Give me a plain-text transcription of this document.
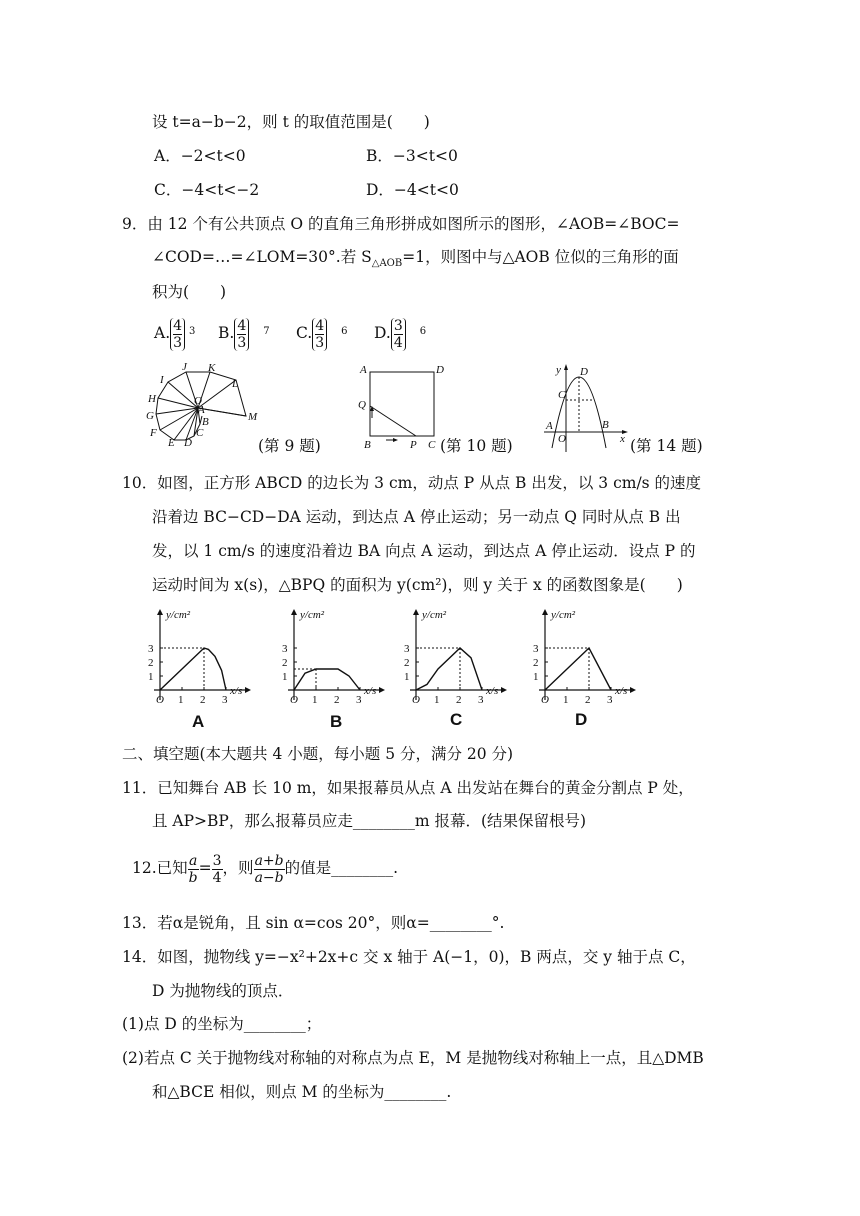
设 t=a−b−2，则 t 的取值范围是(　　)
A．−2<t<0	B．−3<t<0
C．−4<t<−2	D．−4<t<0
9．由 12 个有公共顶点 O 的直角三角形拼成如图所示的图形，∠AOB=∠BOC=
∠COD=…=∠LOM=30°.若 $S_{\triangle AOB}=1$，则图中与△AOB 位似的三角形的面
积为(　　)
A. $\frac{4}{3} ^3$ B. $\frac{4}{3} ^7$ C. $\frac{4}{3} ^6$ D. $\frac{3}{4} ^6$
J K
I	L
H	O
G	A
M
B
F	C
E D	(第 9 题)
A	D
Q
B	P C (第 10 题)
y D
C
A
O
B
x (第 14 题)
10．如图，正方形 ABCD 的边长为 3 cm，动点 P 从点 B 出发，以 3 cm/s 的速度
沿着边 BC−CD−DA 运动，到达点 A 停止运动；另一动点 Q 同时从点 B 出
发，以 1 cm/s 的速度沿着边 BA 向点 A 运动，到达点 A 停止运动．设点 P 的
运动时间为 x(s)，△BPQ 的面积为 y(cm²)，则 y 关于 x 的函数图象是(　　)
y/cm²
x/s
O 1 2 3
1
2
3
y/cm²
x/s
O 1 2 3
1
2
3
y/cm²
x/s
O 1 2 3
1
2
3
y/cm²
x/s
O 1 2 3
1
2
3
A	B	C	D
二、填空题(本大题共 4 小题，每小题 5 分，满分 20 分)
11．已知舞台 AB 长 10 m，如果报幕员从点 A 出发站在舞台的黄金分割点 P 处，
且 AP>BP，那么报幕员应走________m 报幕．(结果保留根号)
12.已知 $\frac{a}{b} = \frac{3}{4}$ ，则 $\frac{a+b}{a-b}$ 的值是________.
13．若α是锐角，且 sin α=cos 20°，则α=________°.
14．如图，抛物线 y=−x²+2x+c 交 x 轴于 A(−1，0)，B 两点，交 y 轴于点 C，
D 为抛物线的顶点．
(1)点 D 的坐标为________；
(2)若点 C 关于抛物线对称轴的对称点为点 E，M 是抛物线对称轴上一点，且△DMB
和△BCE 相似，则点 M 的坐标为________.
